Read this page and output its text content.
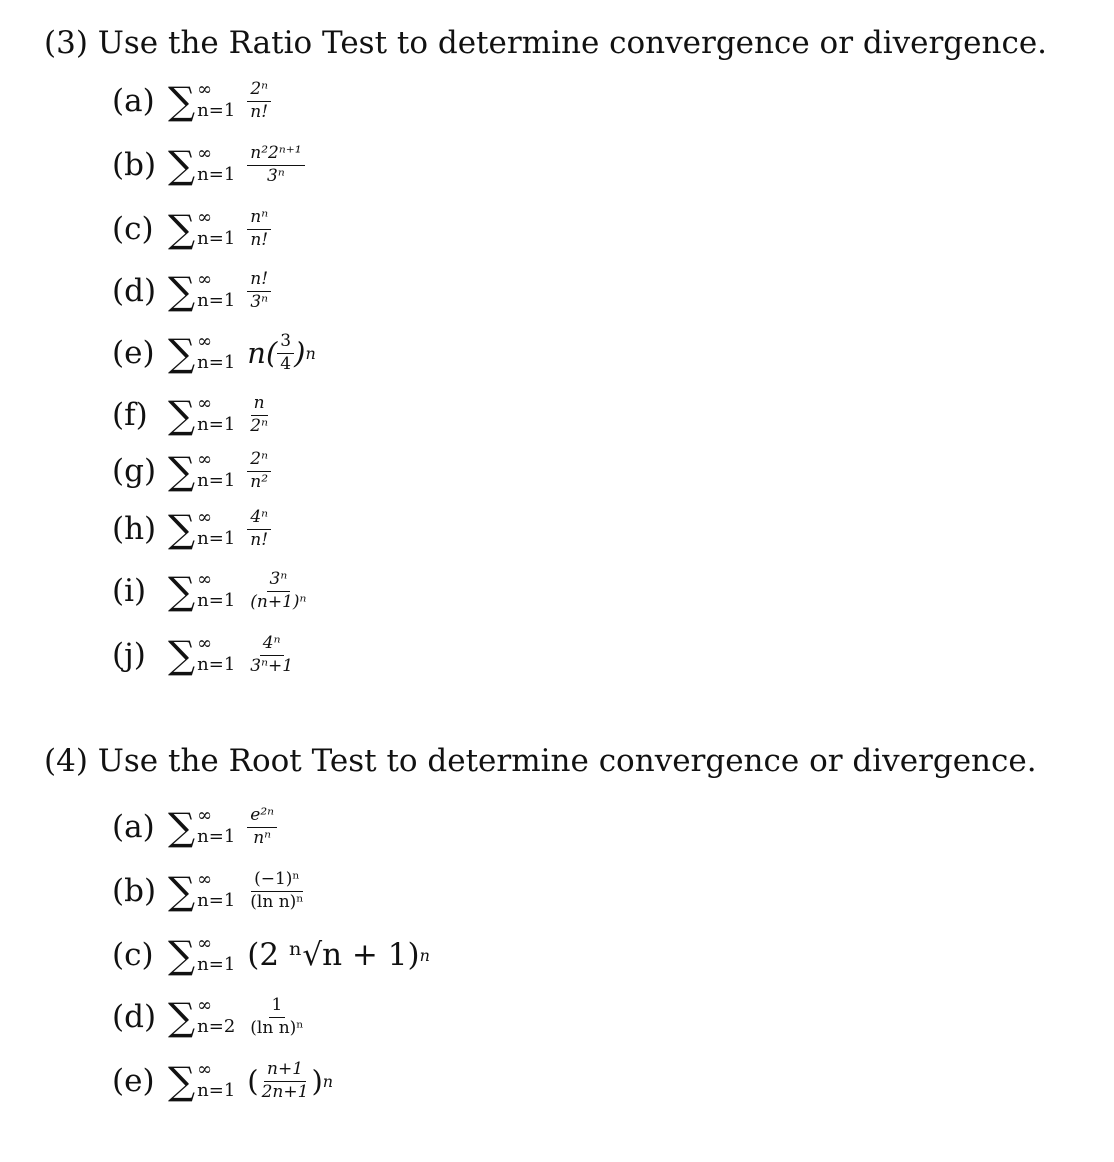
(3) Use the Ratio Test to determine convergence or divergence.
(a) ∑ ∞
$n=1 \frac{\text{2ⁿ}}{n!}$
(b) ∑ ∞
$n=1 \frac{\text{n²2ⁿ⁺¹}}{\text{3ⁿ}}$
(c) ∑ ∞
$n=1 \frac{\text{nⁿ}}{n!}$
(d) ∑ ∞
$n=1 \frac{n!}{\text{3ⁿ}}$
(e) ∑ ∞
n=1 $n( \frac{3}{4}$ ) n
(f) ∑ ∞
$n=1 \frac{n}{\text{2ⁿ}}$
(g) ∑ ∞
$n=1 \frac{\text{2ⁿ}}{\text{n²}}$
(h) ∑ ∞
$n=1 \frac{\text{4ⁿ}}{n!}$
(i) ∑ ∞
$n=1 \frac{\text{3ⁿ}}{\text{(n+1)ⁿ}}$
(j) ∑ ∞
$n=1 \frac{\text{4ⁿ}}{\text{3ⁿ+1}}$
(4) Use the Root Test to determine convergence or divergence.
(a) ∑ ∞
$n=1 \frac{\text{e²ⁿ}}{\text{nⁿ}}$
(b) ∑ ∞
$n=1 \frac{\text{(−1)ⁿ}}{\text{(ln n)ⁿ}}$
(c) ∑ ∞
n=1 (2 ⁿ√n + 1) n
(d) ∑ ∞
$n=2 \frac{1}{\text{(ln n)ⁿ}}$
(e) ∑ ∞
n=1 ( $\frac{n+1}{2n+1}$ ) n
